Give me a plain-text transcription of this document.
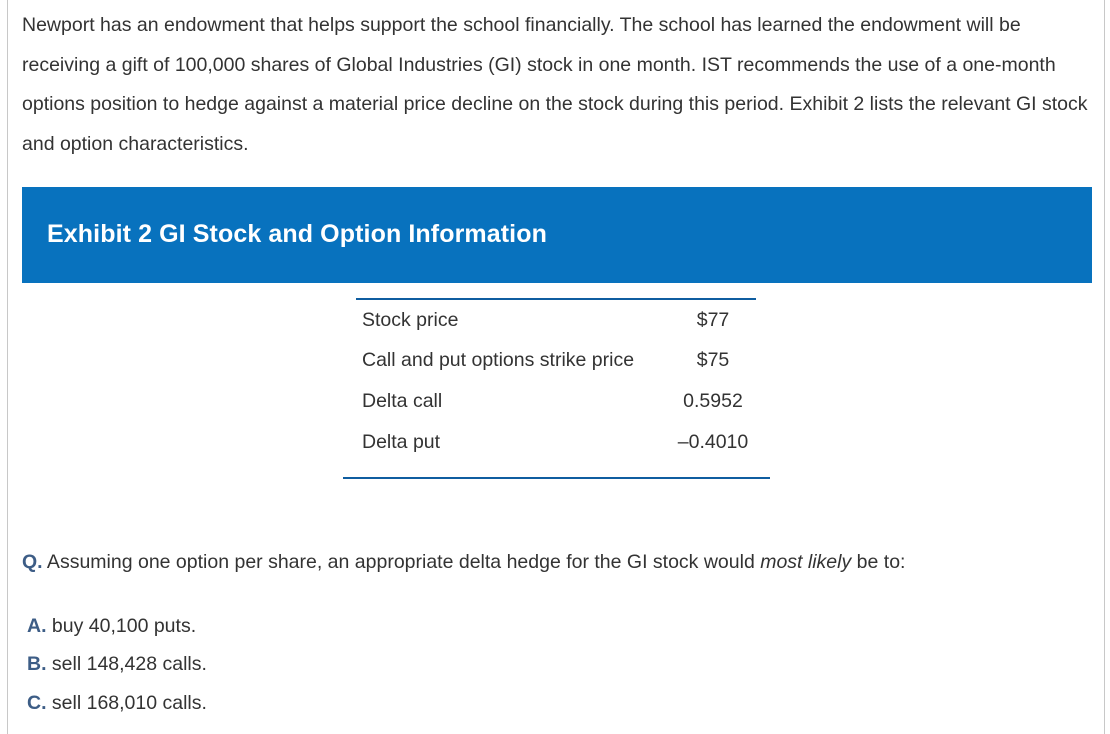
Newport has an endowment that helps support the school financially. The school has learned the endowment will be receiving a gift of 100,000 shares of Global Industries (GI) stock in one month. IST recommends the use of a one-month options position to hedge against a material price decline on the stock during this period. Exhibit 2 lists the relevant GI stock and option characteristics.

Exhibit 2 GI Stock and Option Information
Stock price	$77
Call and put options strike price	$75
Delta call	0.5952
Delta put	–0.4010
Q. Assuming one option per share, an appropriate delta hedge for the GI stock would most likely be to:
A. buy 40,100 puts.
B. sell 148,428 calls.
C. sell 168,010 calls.
